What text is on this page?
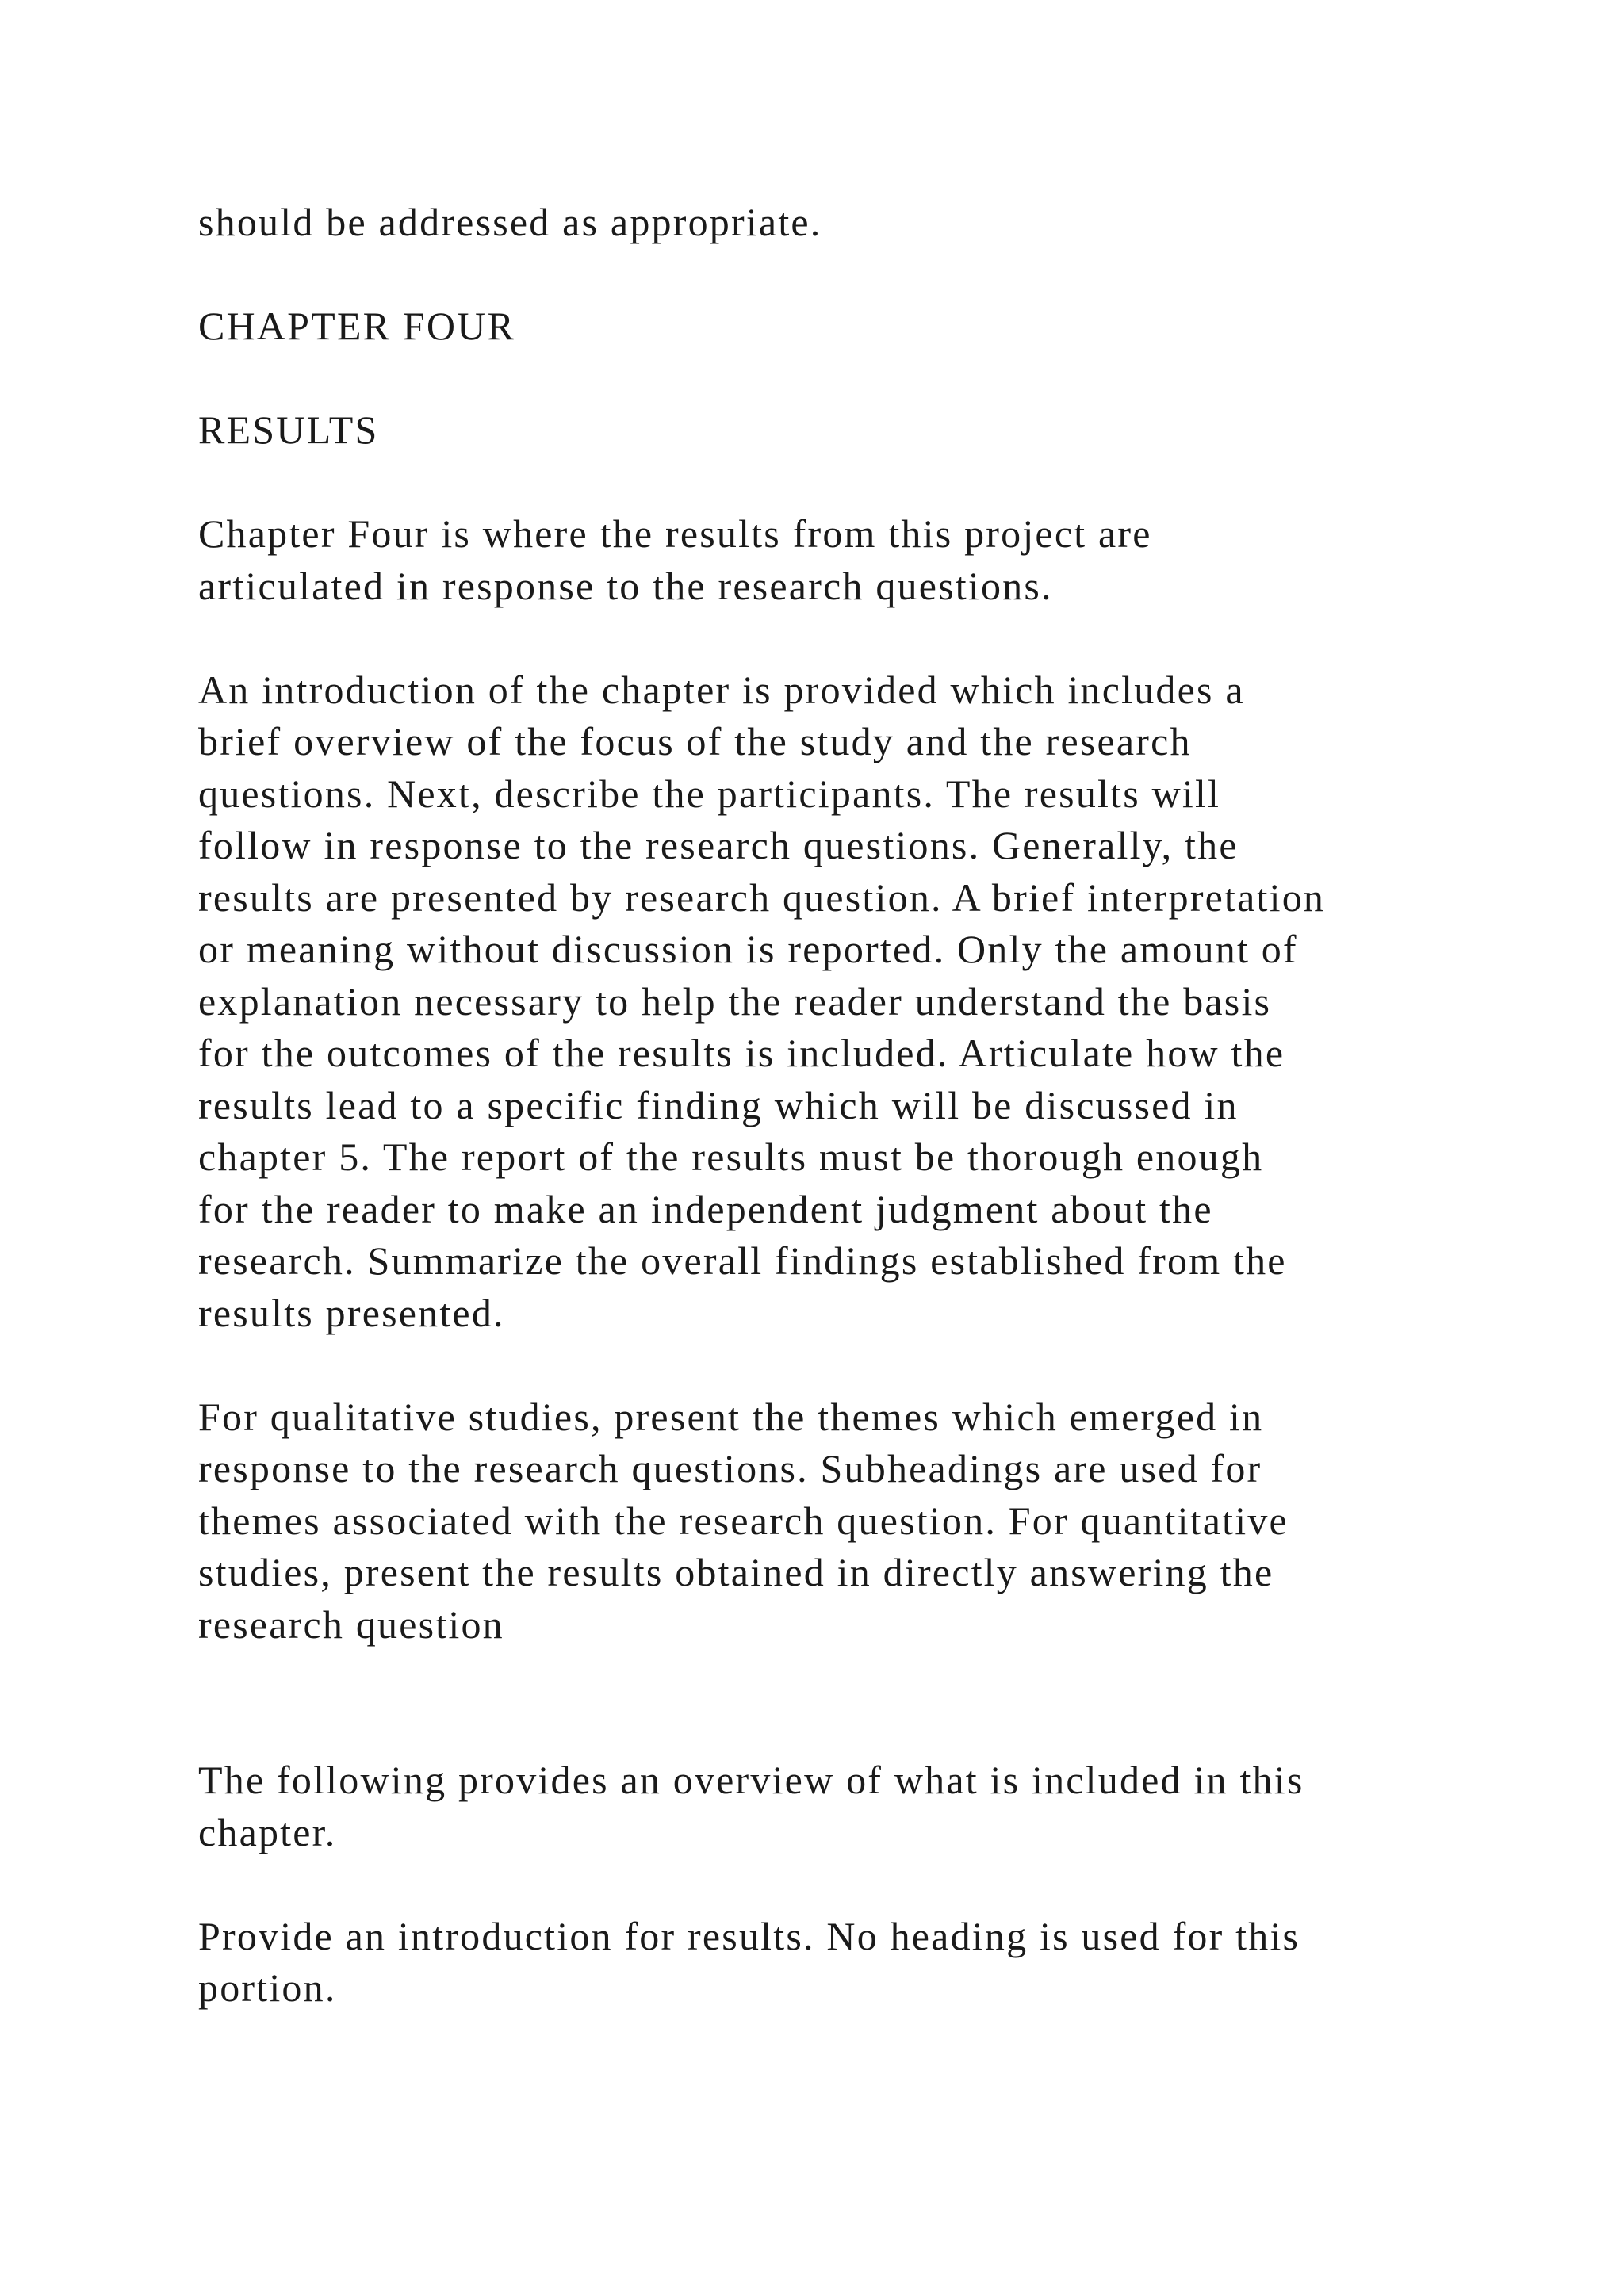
should be addressed as appropriate.

CHAPTER FOUR

RESULTS

Chapter Four is where the results from this project are
articulated in response to the research questions.

An introduction of the chapter is provided which includes a
brief overview of the focus of the study and the research
questions. Next, describe the participants. The results will
follow in response to the research questions. Generally, the
results are presented by research question. A brief interpretation
or meaning without discussion is reported. Only the amount of
explanation necessary to help the reader understand the basis
for the outcomes of the results is included. Articulate how the
results lead to a specific finding which will be discussed in
chapter 5. The report of the results must be thorough enough
for the reader to make an independent judgment about the
research. Summarize the overall findings established from the
results presented.

For qualitative studies, present the themes which emerged in
response to the research questions. Subheadings are used for
themes associated with the research question. For quantitative
studies, present the results obtained in directly answering the
research question

The following provides an overview of what is included in this
chapter.

Provide an introduction for results. No heading is used for this
portion.
